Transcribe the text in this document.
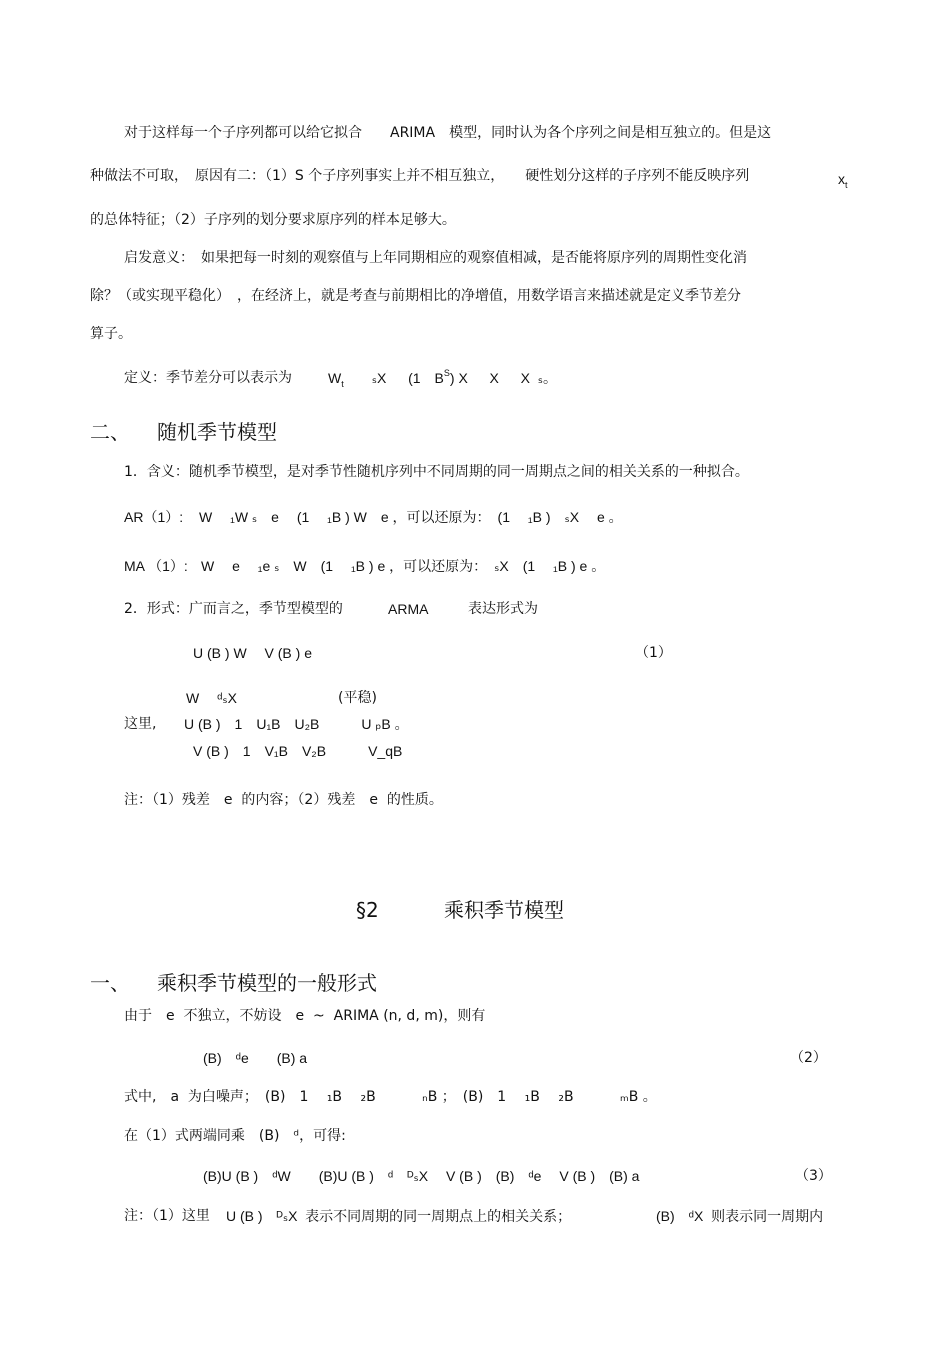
对于这样每一个子序列都可以给它拟合　　ARIMA　模型，同时认为各个序列之间是相互独立的。但是这
种做法不可取，　原因有二：（1）S 个子序列事实上并不相互独立，　　硬性划分这样的子序列不能反映序列	$x_t$
的总体特征；（2）子序列的划分要求原序列的样本足够大。
启发意义：　如果把每一时刻的观察值与上年同期相应的观察值相减，是否能将原序列的周期性变化消
除？（或实现平稳化）　，在经济上，就是考查与前期相比的净增值，用数学语言来描述就是定义季节差分
算子。
定义：季节差分可以表示为	$W_t$　　ₛX  　(1　$B^S$) X  　X  　X  ₛ。
二、 随机季节模型
1．含义：随机季节模型，是对季节性随机序列中不同周期的同一周期点之间的相关关系的一种拟合。
AR（1）: W　 ₁W ₛ　e　 (1　 ₁B ) W　e ，可以还原为：　(1　 ₁B )　ₛX　 e 。
MA （1）: W　 e　 ₁e ₛ　W　(1　 ₁B ) e ，可以还原为：　ₛX　(1　 ₁B ) e 。
2．形式：广而言之，季节型模型的	ARMA	表达形式为
U (B ) W　 V (B ) e	（1）
W　 ᵈₛX	(平稳)
这里, U (B )　1　U₁B　U₂B　　　U ₚB 。
V (B )　1　V₁B　V₂B　　　V_qB
注：（1）残差　e  的内容；（2）残差　e  的性质。
§2	乘积季节模型
一、 乘积季节模型的一般形式
由于　e  不独立，不妨设　e  ~  ARIMA (n, d, m)，则有
(B)　ᵈe　　(B) a	（2）
式中,　a  为白噪声；　(B)　1　 ₁B　 ₂B　　　 ₙB ；　(B)　1　 ₁B　 ₂B　　　 ₘB 。
在（1）式两端同乘　(B)　ᵈ，可得:
(B)U (B )　ᵈW　　(B)U (B )　ᵈ　ᴰₛX　 V (B )　(B)　ᵈe　 V (B )　(B) a	（3）
注：（1）这里 U (B )　ᴰₛX  表示不同周期的同一周期点上的相关关系；	(B)　ᵈX  则表示同一周期内
